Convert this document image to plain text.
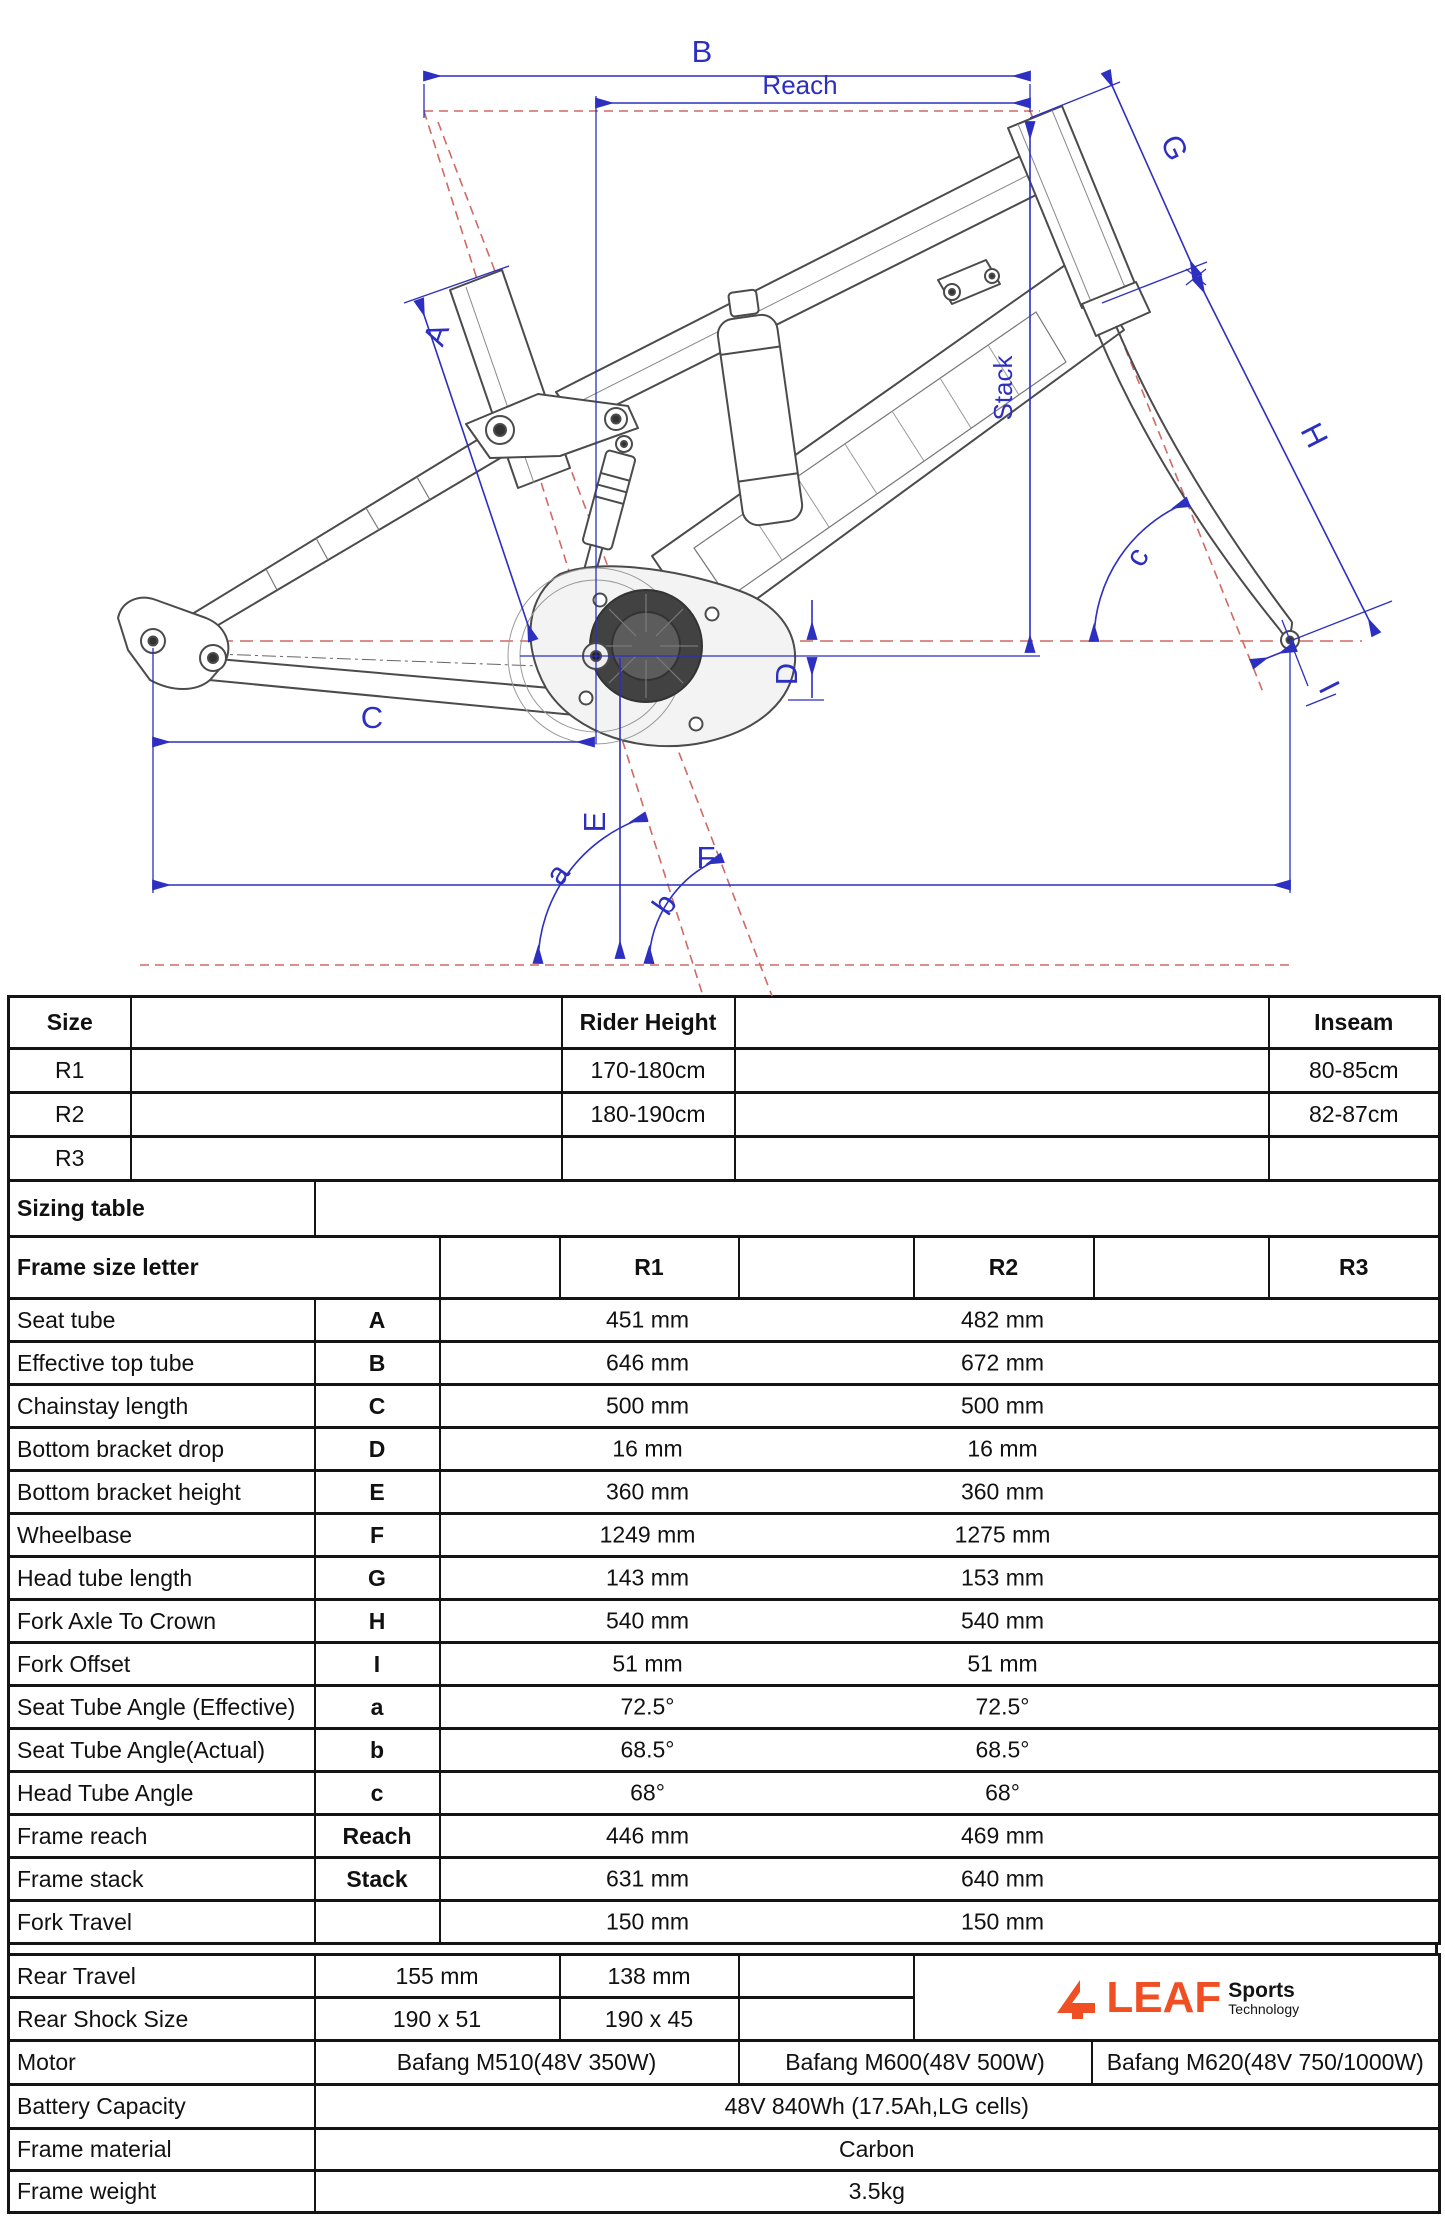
B
Reach
Stack
G
A
H
c
D
I
C
E
F
a
b
Size		Rider Height		Inseam
R1		170-180cm		80-85cm
R2		180-190cm		82-87cm
R3				
Sizing table	
Frame size letter		R1		R2		R3
Seat tube	A	451 mm 482 mm

Effective top tube	B	646 mm 672 mm

Chainstay length	C	500 mm 500 mm

Bottom bracket drop	D	16 mm 16 mm

Bottom bracket height	E	360 mm 360 mm

Wheelbase	F	1249 mm 1275 mm

Head tube length	G	143 mm 153 mm

Fork Axle To Crown	H	540 mm 540 mm

Fork Offset	I	51 mm 51 mm

Seat Tube Angle (Effective)	a	72.5° 72.5°

Seat Tube Angle(Actual)	b	68.5° 68.5°

Head Tube Angle	c	68° 68°

Frame reach	Reach	446 mm 469 mm

Frame stack	Stack	631 mm 640 mm

Fork Travel		150 mm 150 mm
Rear Travel	155 mm	138 mm		LEAF Sports
Technology

Rear Shock Size	190 x 51	190 x 45		
Motor	Bafang M510(48V 350W)	Bafang M600(48V 500W)	Bafang M620(48V 750/1000W)
Battery Capacity	48V 840Wh (17.5Ah,LG cells)
Frame material	Carbon
Frame weight	3.5kg
